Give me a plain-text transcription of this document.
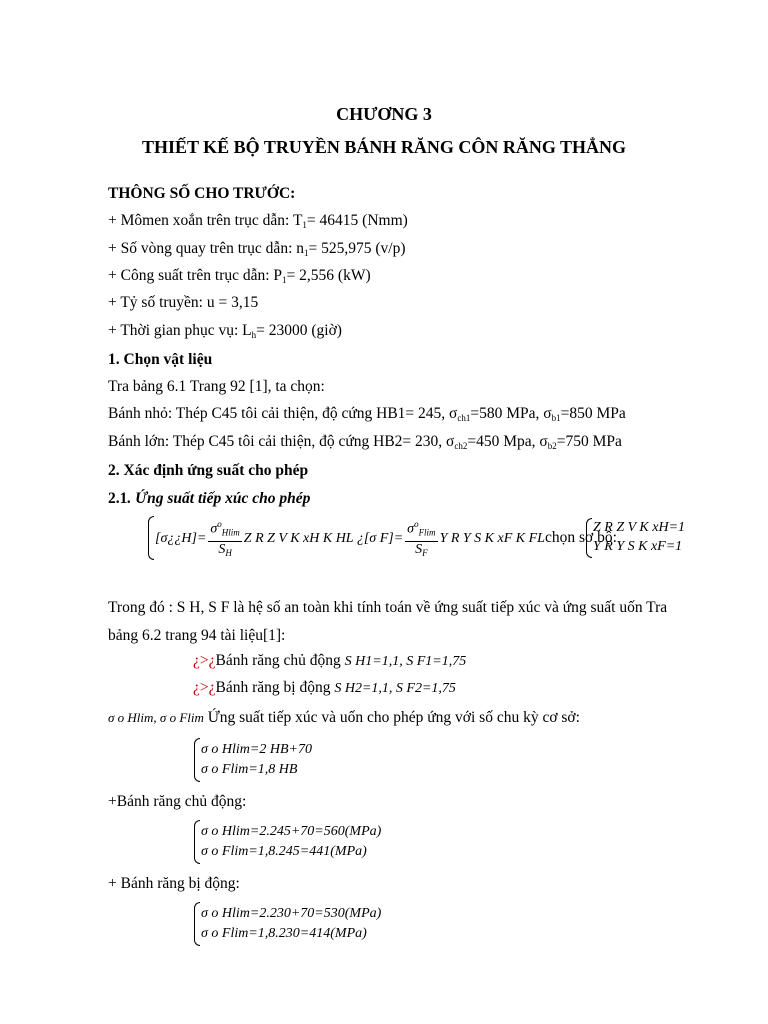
CHƯƠNG 3
THIẾT KẾ BỘ TRUYỀN BÁNH RĂNG CÔN RĂNG THẲNG
THÔNG SỐ CHO TRƯỚC:
+ Mômen xoắn trên trục dẫn: $T_1= 46415$ (Nmm)
+ Số vòng quay trên trục dẫn: $n_1= 525,975$ (v/p)
+ Công suất trên trục dẫn: $P_1= 2,556$ (kW)
+ Tỷ số truyền: u = 3,15
+ Thời gian phục vụ: $L_h= 23000$ (giờ)
1. Chọn vật liệu
Tra bảng 6.1 Trang 92 [1], ta chọn:
Bánh nhỏ: Thép C45 tôi cải thiện, độ cứng HB1= 245, $\sigma_{ch1}=580$ MPa, $\sigma_{b1}=850$ MPa
Bánh lớn: Thép C45 tôi cải thiện, độ cứng HB2= 230, $\sigma_{ch2}=450$ Mpa, $\sigma_{b2}=750$ MPa
2. Xác định ứng suất cho phép
2.1. Ứng suất tiếp xúc cho phép
[σ¿¿H]= $\frac{\sigma^o_{Hlim}}{S_H}$ Z R Z V K xH K HL ¿[σ $F]= \frac{\sigma^o_{Flim}}{S_F}$ Y R Y S K xF K FLchọn sơ bộ:
Z R Z V K xH=1
Y R Y S K xF=1
Trong đó : S H, S F là hệ số an toàn khi tính toán về ứng suất tiếp xúc và ứng suất uốn Tra
bảng 6.2 trang 94 tài liệu[1]:
¿>¿Bánh răng chủ động S H1=1,1, S F1=1,75
¿>¿Bánh răng bị động S H2=1,1, S F2=1,75
σ o Hlim, σ o Flim Ứng suất tiếp xúc và uốn cho phép ứng với số chu kỳ cơ sở:
σ o Hlim=2 HB+70
σ o Flim=1,8 HB
+Bánh răng chủ động:
σ o Hlim=2.245+70=560(MPa)
σ o Flim=1,8.245=441(MPa)
+ Bánh răng bị động:
σ o Hlim=2.230+70=530(MPa)
σ o Flim=1,8.230=414(MPa)
